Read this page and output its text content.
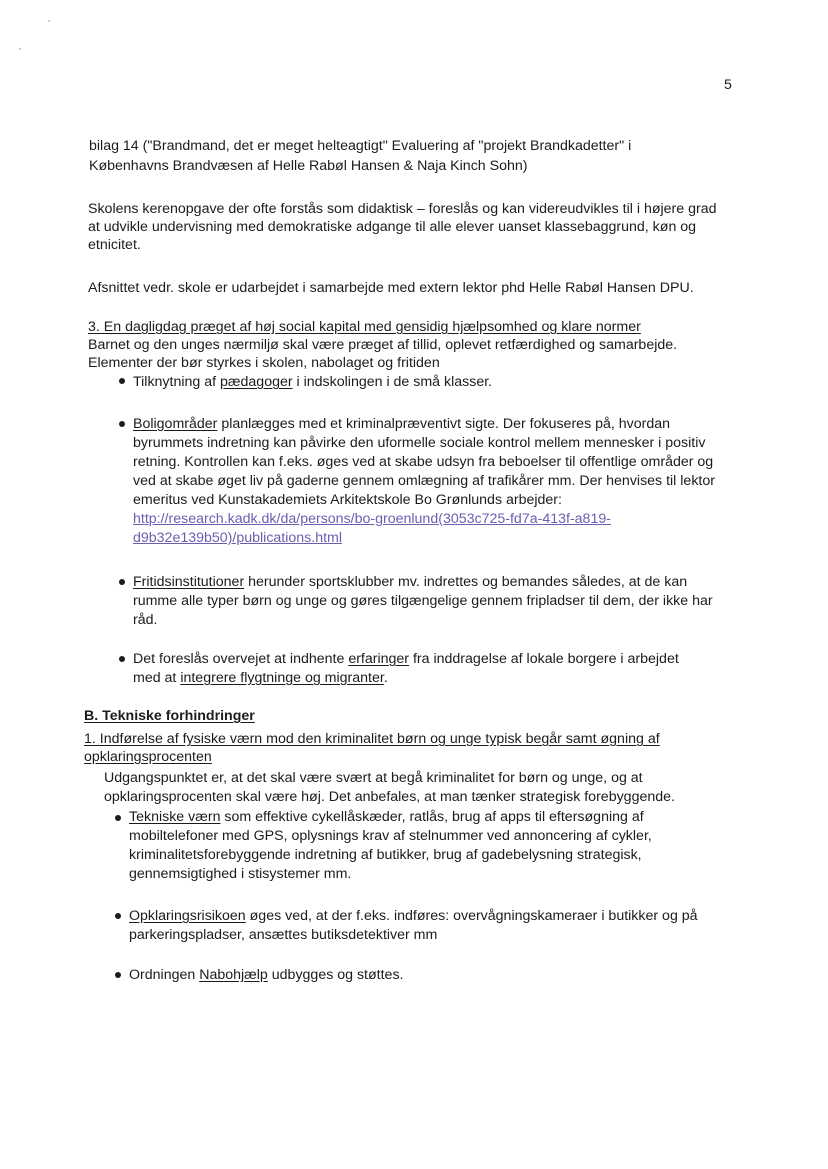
5
bilag 14 ("Brandmand, det er meget helteagtigt" Evaluering af "projekt Brandkadetter" i
Københavns Brandvæsen af Helle Rabøl Hansen & Naja Kinch Sohn)
Skolens kerenopgave der ofte forstås som didaktisk – foreslås og kan videreudvikles til i højere grad
at udvikle undervisning med demokratiske adgange til alle elever uanset klassebaggrund, køn og
etnicitet.
Afsnittet vedr. skole er udarbejdet i samarbejde med extern lektor phd Helle Rabøl Hansen DPU.
3. En dagligdag præget af høj social kapital med gensidig hjælpsomhed og klare normer
Barnet og den unges nærmiljø skal være præget af tillid, oplevet retfærdighed og samarbejde.
Elementer der bør styrkes i skolen, nabolaget og fritiden
Tilknytning af pædagoger i indskolingen i de små klasser.
Boligområder planlægges med et kriminalpræventivt sigte. Der fokuseres på, hvordan
byrummets indretning kan påvirke den uformelle sociale kontrol mellem mennesker i positiv
retning. Kontrollen kan f.eks. øges ved at skabe udsyn fra beboelser til offentlige områder og
ved at skabe øget liv på gaderne gennem omlægning af trafikårer mm. Der henvises til lektor
emeritus ved Kunstakademiets Arkitektskole Bo Grønlunds arbejder:
http://research.kadk.dk/da/persons/bo-groenlund(3053c725-fd7a-413f-a819-
d9b32e139b50)/publications.html
Fritidsinstitutioner herunder sportsklubber mv. indrettes og bemandes således, at de kan
rumme alle typer børn og unge og gøres tilgængelige gennem fripladser til dem, der ikke har
råd.
Det foreslås overvejet at indhente erfaringer fra inddragelse af lokale borgere i arbejdet
med at integrere flygtninge og migranter.
B. Tekniske forhindringer
1. Indførelse af fysiske værn mod den kriminalitet børn og unge typisk begår samt øgning af
opklaringsprocenten
Udgangspunktet er, at det skal være svært at begå kriminalitet for børn og unge, og at
opklaringsprocenten skal være høj. Det anbefales, at man tænker strategisk forebyggende.
Tekniske værn som effektive cykellåskæder, ratlås, brug af apps til eftersøgning af
mobiltelefoner med GPS, oplysnings krav af stelnummer ved annoncering af cykler,
kriminalitetsforebyggende indretning af butikker, brug af gadebelysning strategisk,
gennemsigtighed i stisystemer mm.
Opklaringsrisikoen øges ved, at der f.eks. indføres: overvågningskameraer i butikker og på
parkeringspladser, ansættes butiksdetektiver mm
Ordningen Nabohjælp udbygges og støttes.
